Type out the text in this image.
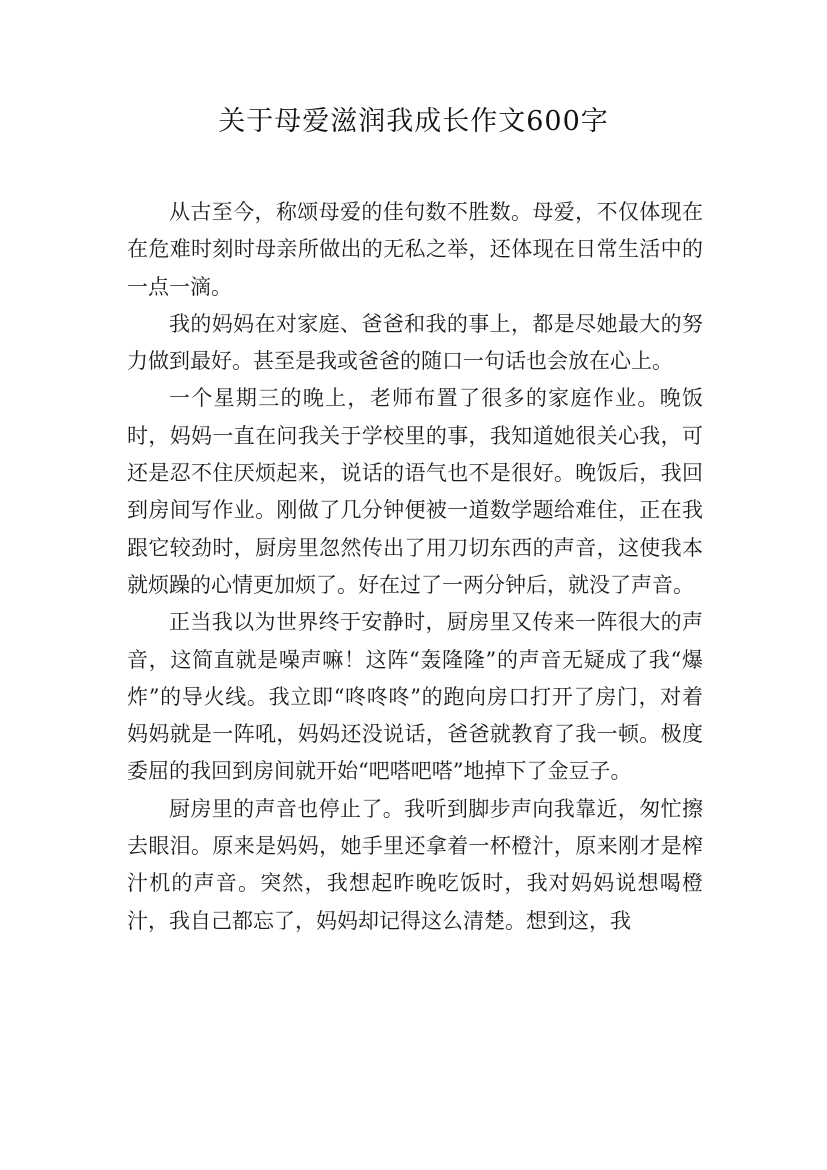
关于母爱滋润我成长作文600字

从古至今，称颂母爱的佳句数不胜数。母爱，不仅体现在在危难时刻时母亲所做出的无私之举，还体现在日常生活中的一点一滴。

我的妈妈在对家庭、爸爸和我的事上，都是尽她最大的努力做到最好。甚至是我或爸爸的随口一句话也会放在心上。

一个星期三的晚上，老师布置了很多的家庭作业。晚饭时，妈妈一直在问我关于学校里的事，我知道她很关心我，可还是忍不住厌烦起来，说话的语气也不是很好。晚饭后，我回到房间写作业。刚做了几分钟便被一道数学题给难住，正在我跟它较劲时，厨房里忽然传出了用刀切东西的声音，这使我本就烦躁的心情更加烦了。好在过了一两分钟后，就没了声音。

正当我以为世界终于安静时，厨房里又传来一阵很大的声音，这简直就是噪声嘛！这阵“轰隆隆”的声音无疑成了我“爆炸”的导火线。我立即“咚咚咚”的跑向房口打开了房门，对着妈妈就是一阵吼，妈妈还没说话，爸爸就教育了我一顿。极度委屈的我回到房间就开始“吧嗒吧嗒”地掉下了金豆子。

厨房里的声音也停止了。我听到脚步声向我靠近，匆忙擦去眼泪。原来是妈妈，她手里还拿着一杯橙汁，原来刚才是榨汁机的声音。突然，我想起昨晚吃饭时，我对妈妈说想喝橙汁，我自己都忘了，妈妈却记得这么清楚。想到这，我
